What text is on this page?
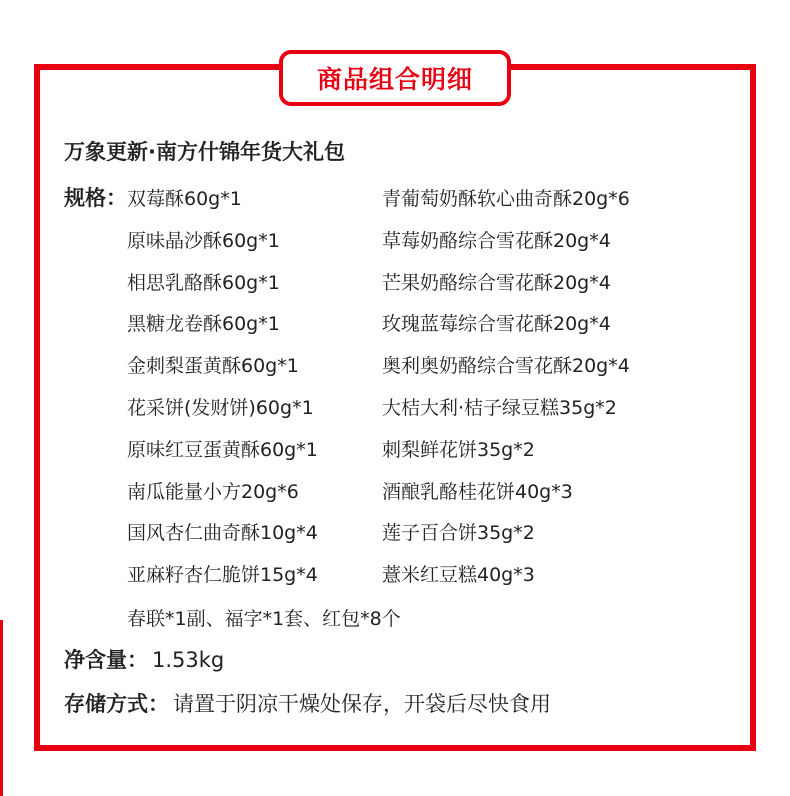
商品组合明细
万象更新·南方什锦年货大礼包
规格： 双莓酥60g*1
原味晶沙酥60g*1
相思乳酪酥60g*1
黑糖龙卷酥60g*1
金刺梨蛋黄酥60g*1
花采饼(发财饼)60g*1
原味红豆蛋黄酥60g*1
南瓜能量小方20g*6
国风杏仁曲奇酥10g*4
亚麻籽杏仁脆饼15g*4
青葡萄奶酥软心曲奇酥20g*6
草莓奶酪综合雪花酥20g*4
芒果奶酪综合雪花酥20g*4
玫瑰蓝莓综合雪花酥20g*4
奥利奥奶酪综合雪花酥20g*4
大桔大利·桔子绿豆糕35g*2
刺梨鲜花饼35g*2
酒酿乳酪桂花饼40g*3
莲子百合饼35g*2
薏米红豆糕40g*3
春联*1副、福字*1套、红包*8个
净含量： 1.53kg
存储方式： 请置于阴凉干燥处保存，开袋后尽快食用
